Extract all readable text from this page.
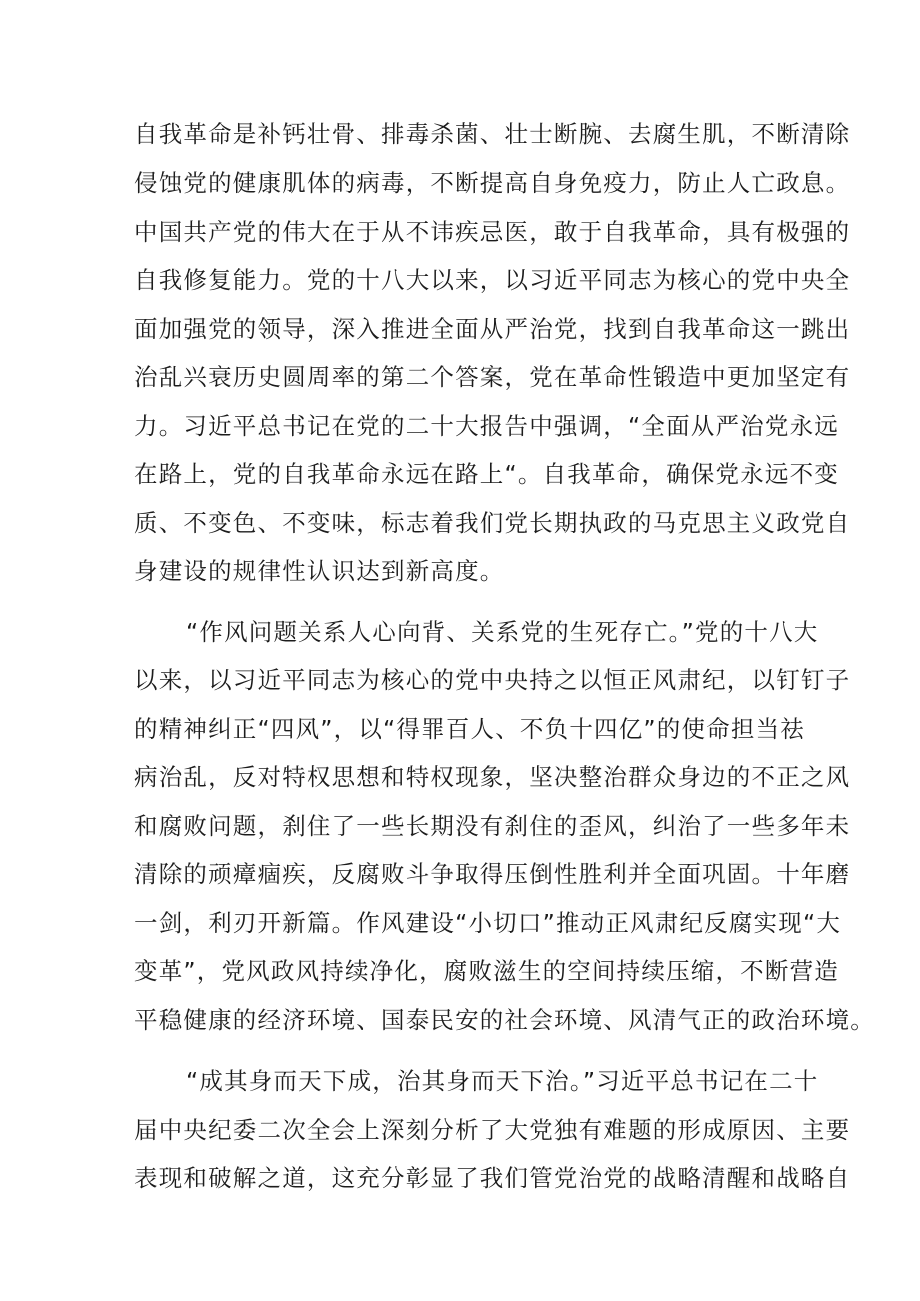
自我革命是补钙壮骨、排毒杀菌、壮士断腕、去腐生肌，不断清除
侵蚀党的健康肌体的病毒，不断提高自身免疫力，防止人亡政息。
中国共产党的伟大在于从不讳疾忌医，敢于自我革命，具有极强的
自我修复能力。党的十八大以来，以习近平同志为核心的党中央全
面加强党的领导，深入推进全面从严治党，找到自我革命这一跳出
治乱兴衰历史圆周率的第二个答案，党在革命性锻造中更加坚定有
力。习近平总书记在党的二十大报告中强调，“全面从严治党永远
在路上，党的自我革命永远在路上“。自我革命，确保党永远不变
质、不变色、不变味，标志着我们党长期执政的马克思主义政党自
身建设的规律性认识达到新高度。
“作风问题关系人心向背、关系党的生死存亡。”党的十八大
以来，以习近平同志为核心的党中央持之以恒正风肃纪，以钉钉子
的精神纠正“四风”，以“得罪百人、不负十四亿”的使命担当祛
病治乱，反对特权思想和特权现象，坚决整治群众身边的不正之风
和腐败问题，刹住了一些长期没有刹住的歪风，纠治了一些多年未
清除的顽瘴痼疾，反腐败斗争取得压倒性胜利并全面巩固。十年磨
一剑，利刃开新篇。作风建设“小切口”推动正风肃纪反腐实现“大
变革”，党风政风持续净化，腐败滋生的空间持续压缩，不断营造
平稳健康的经济环境、国泰民安的社会环境、风清气正的政治环境。
“成其身而天下成，治其身而天下治。”习近平总书记在二十
届中央纪委二次全会上深刻分析了大党独有难题的形成原因、主要
表现和破解之道，这充分彰显了我们管党治党的战略清醒和战略自
